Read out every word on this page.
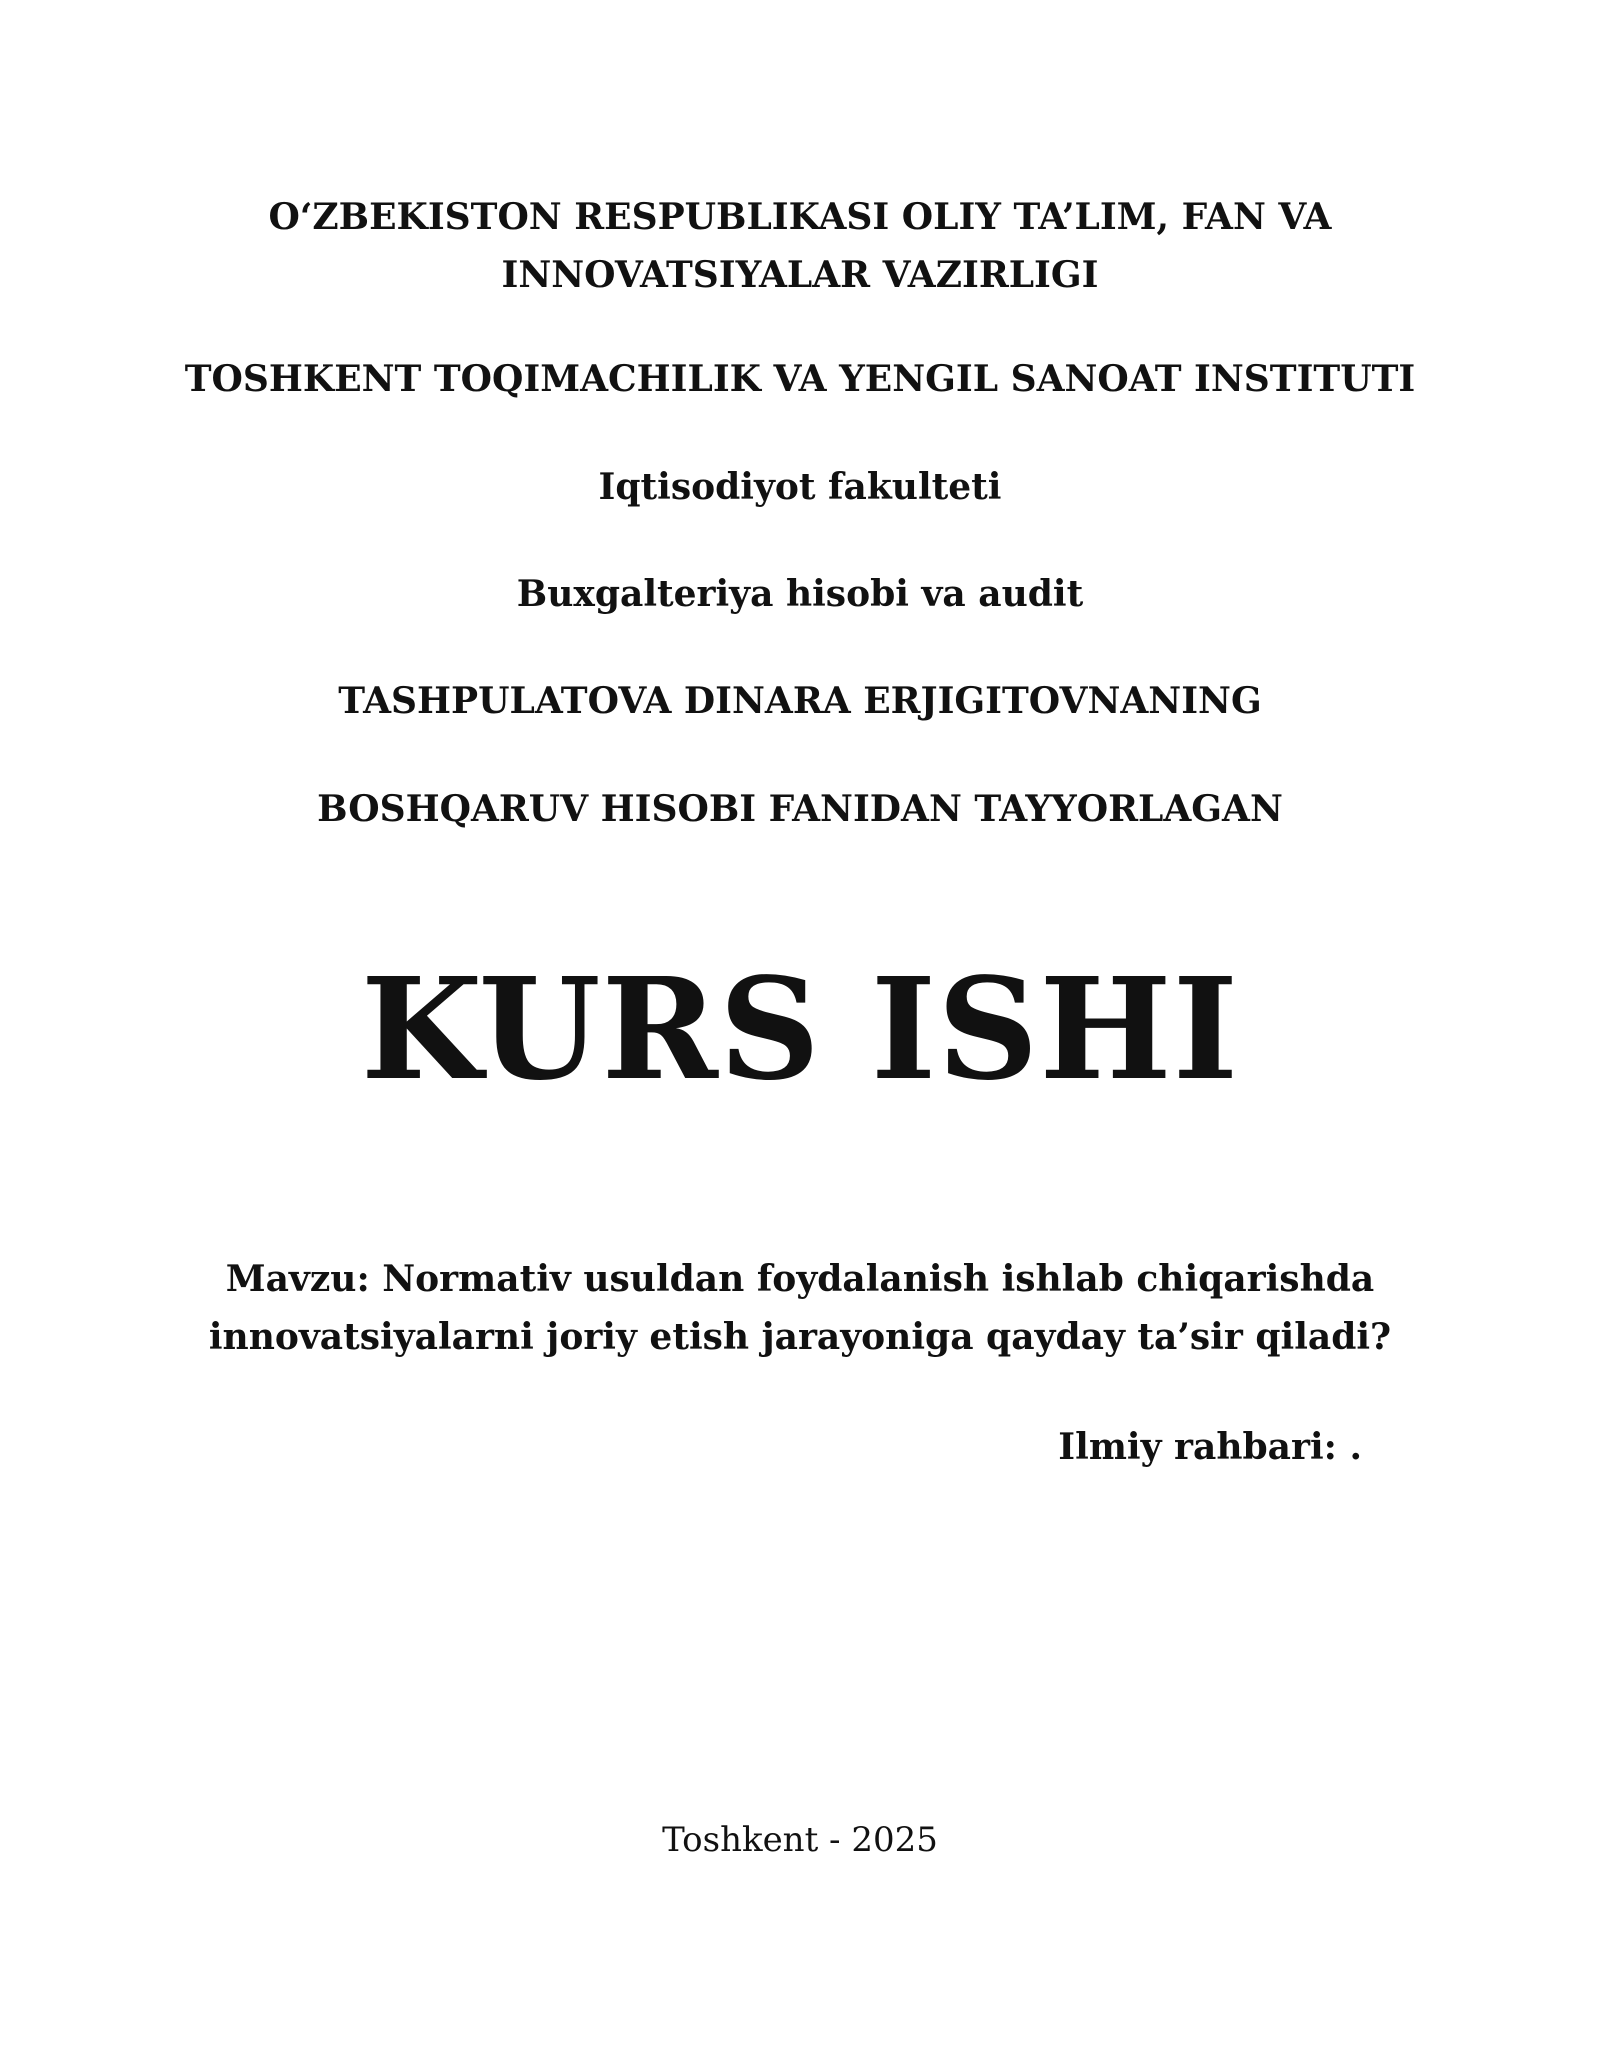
O‘ZBEKISTON RESPUBLIKASI OLIY TA’LIM, FAN VA
INNOVATSIYALAR VAZIRLIGI
TOSHKENT TOQIMACHILIK VA YENGIL SANOAT INSTITUTI
Iqtisodiyot fakulteti
Buxgalteriya hisobi va audit
TASHPULATOVA DINARA ERJIGITOVNANING
BOSHQARUV HISOBI FANIDAN TAYYORLAGAN
KURS ISHI
Mavzu: Normativ usuldan foydalanish ishlab chiqarishda
innovatsiyalarni joriy etish jarayoniga qayday ta’sir qiladi?
Ilmiy rahbari: .
Toshkent - 2025
